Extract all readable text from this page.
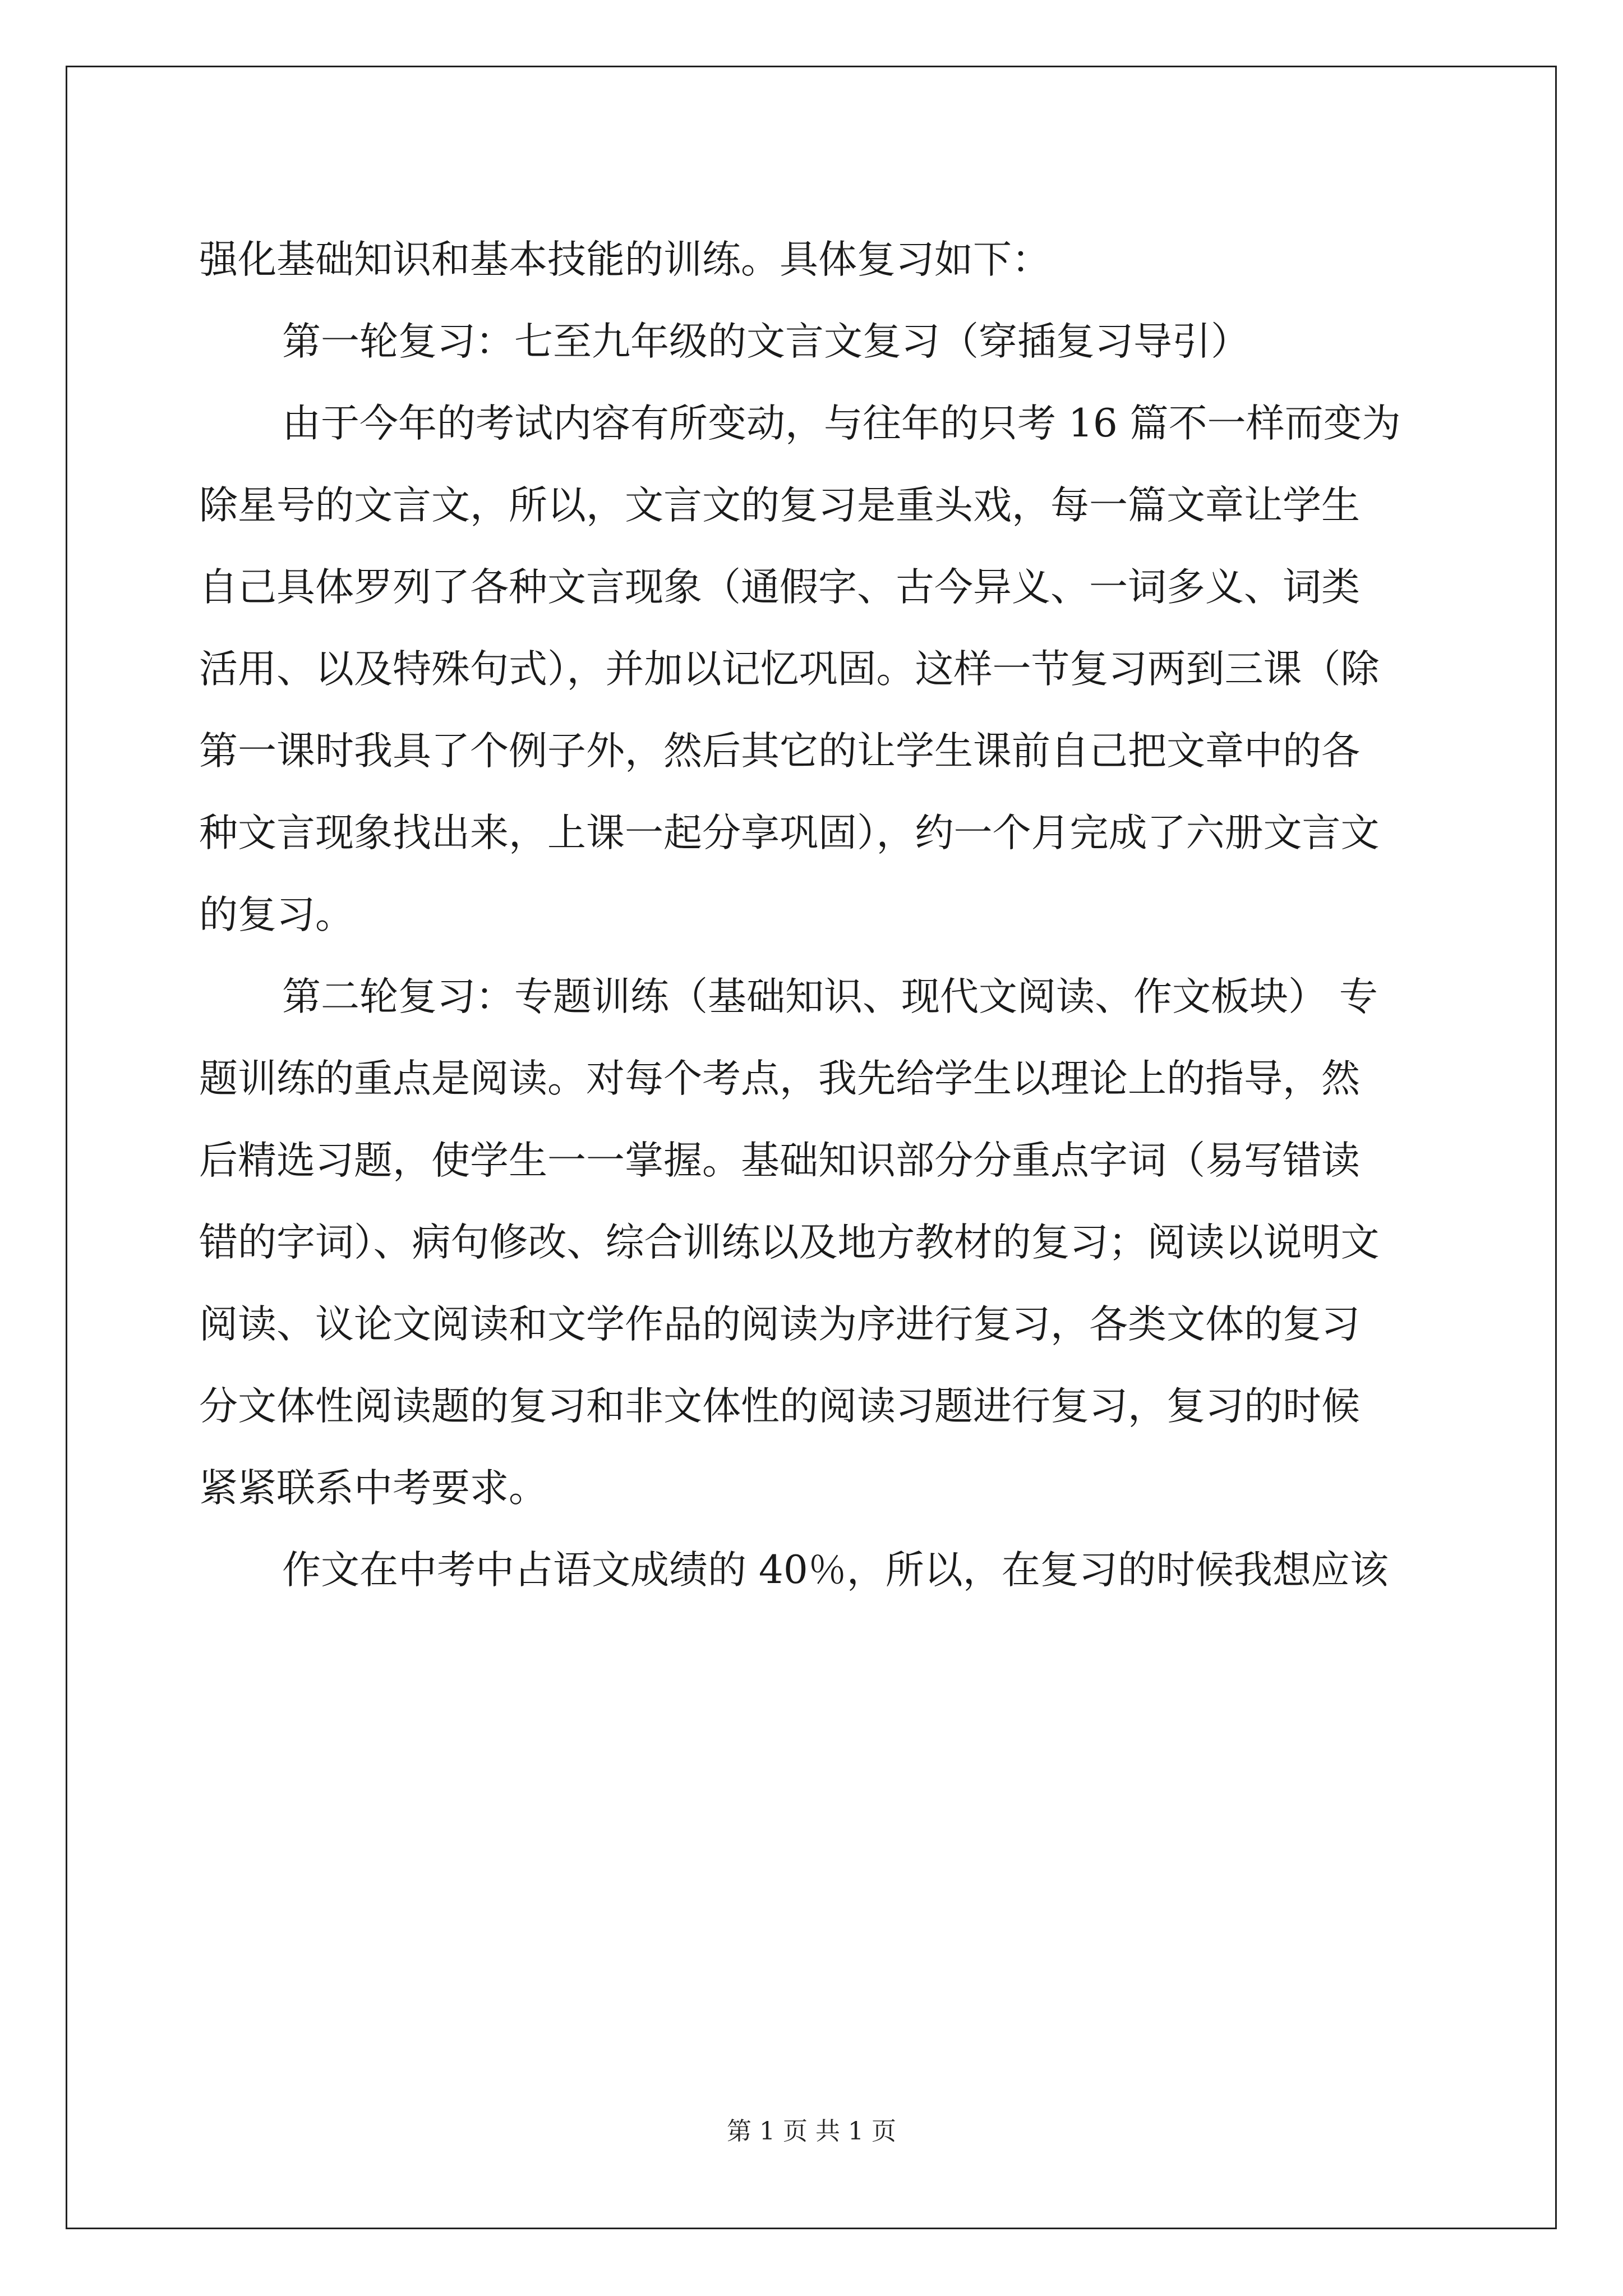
强化基础知识和基本技能的训练。具体复习如下：
第一轮复习：七至九年级的文言文复习（穿插复习导引）
由于今年的考试内容有所变动，与往年的只考 16 篇不一样而变为
除星号的文言文，所以，文言文的复习是重头戏，每一篇文章让学生
自己具体罗列了各种文言现象（通假字、古今异义、一词多义、词类
活用、以及特殊句式），并加以记忆巩固。这样一节复习两到三课（除
第一课时我具了个例子外，然后其它的让学生课前自己把文章中的各
种文言现象找出来，上课一起分享巩固），约一个月完成了六册文言文
的复习。
第二轮复习：专题训练（基础知识、现代文阅读、作文板块） 专
题训练的重点是阅读。对每个考点，我先给学生以理论上的指导，然
后精选习题，使学生一一掌握。基础知识部分分重点字词（易写错读
错的字词）、病句修改、综合训练以及地方教材的复习；阅读以说明文
阅读、议论文阅读和文学作品的阅读为序进行复习，各类文体的复习
分文体性阅读题的复习和非文体性的阅读习题进行复习，复习的时候
紧紧联系中考要求。
作文在中考中占语文成绩的 40％，所以，在复习的时候我想应该
第 1 页 共 1 页
